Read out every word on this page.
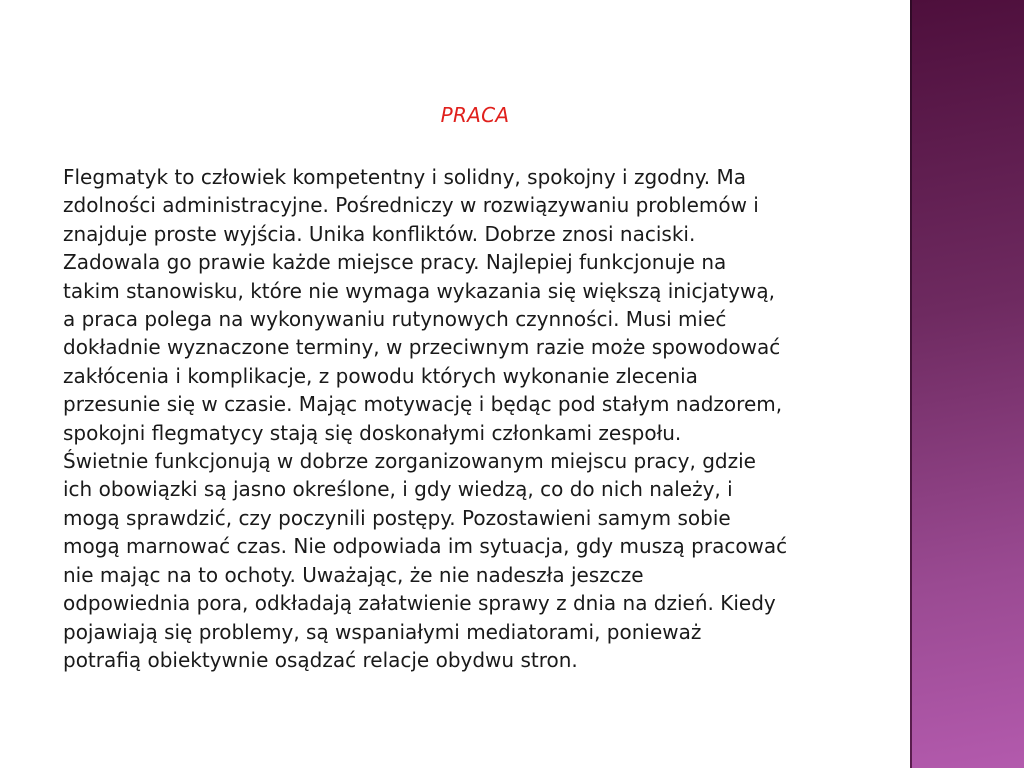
PRACA

Flegmatyk to człowiek kompetentny i solidny, spokojny i zgodny. Ma
zdolności administracyjne. Pośredniczy w rozwiązywaniu problemów i
znajduje proste wyjścia. Unika konfliktów. Dobrze znosi naciski.
Zadowala go prawie każde miejsce pracy. Najlepiej funkcjonuje na
takim stanowisku, które nie wymaga wykazania się większą inicjatywą,
a praca polega na wykonywaniu rutynowych czynności. Musi mieć
dokładnie wyznaczone terminy, w przeciwnym razie może spowodować
zakłócenia i komplikacje, z powodu których wykonanie zlecenia
przesunie się w czasie. Mając motywację i będąc pod stałym nadzorem,
spokojni flegmatycy stają się doskonałymi członkami zespołu.
Świetnie funkcjonują w dobrze zorganizowanym miejscu pracy, gdzie
ich obowiązki są jasno określone, i gdy wiedzą, co do nich należy, i
mogą sprawdzić, czy poczynili postępy. Pozostawieni samym sobie
mogą marnować czas. Nie odpowiada im sytuacja, gdy muszą pracować
nie mając na to ochoty. Uważając, że nie nadeszła jeszcze
odpowiednia pora, odkładają załatwienie sprawy z dnia na dzień. Kiedy
pojawiają się problemy, są wspaniałymi mediatorami, ponieważ
potrafią obiektywnie osądzać relacje obydwu stron.
